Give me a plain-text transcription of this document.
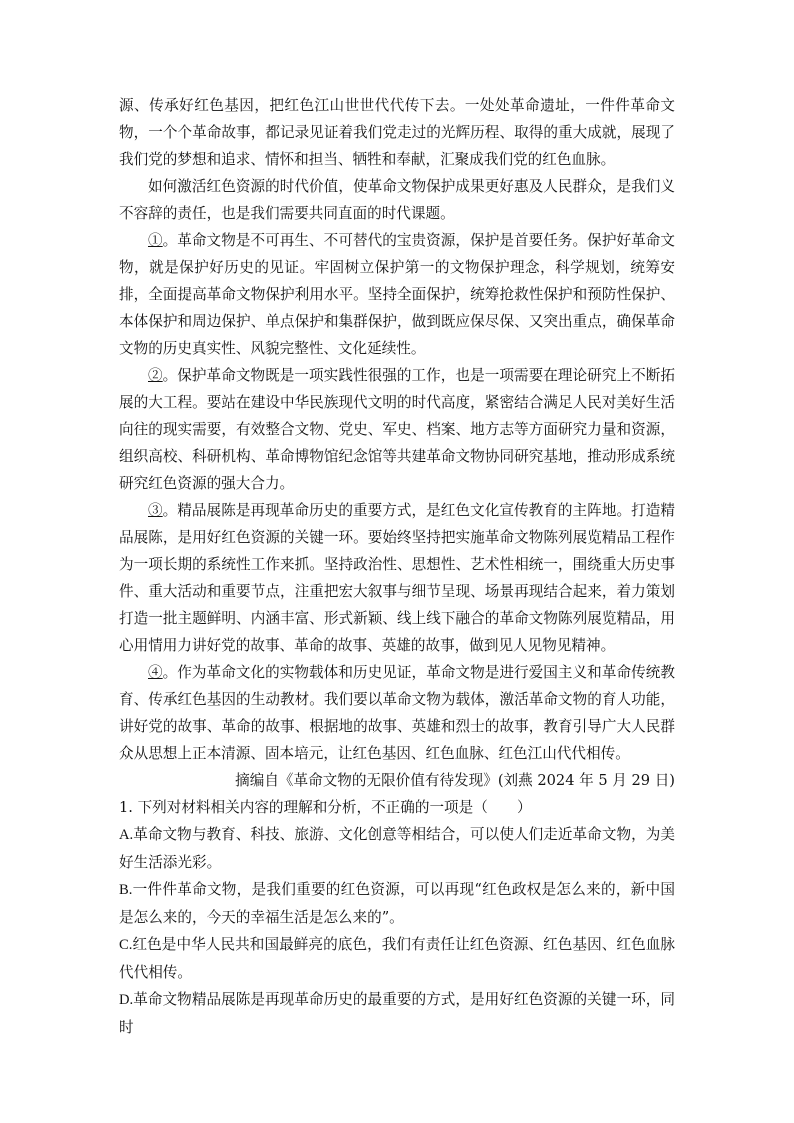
源、传承好红色基因，把红色江山世世代代传下去。一处处革命遗址，一件件革命文物，一个个革命故事，都记录见证着我们党走过的光辉历程、取得的重大成就，展现了我们党的梦想和追求、情怀和担当、牺牲和奉献，汇聚成我们党的红色血脉。

如何激活红色资源的时代价值，使革命文物保护成果更好惠及人民群众，是我们义不容辞的责任，也是我们需要共同直面的时代课题。

①。革命文物是不可再生、不可替代的宝贵资源，保护是首要任务。保护好革命文物，就是保护好历史的见证。牢固树立保护第一的文物保护理念，科学规划，统筹安排，全面提高革命文物保护利用水平。坚持全面保护，统筹抢救性保护和预防性保护、本体保护和周边保护、单点保护和集群保护，做到既应保尽保、又突出重点，确保革命文物的历史真实性、风貌完整性、文化延续性。

②。保护革命文物既是一项实践性很强的工作，也是一项需要在理论研究上不断拓展的大工程。要站在建设中华民族现代文明的时代高度，紧密结合满足人民对美好生活向往的现实需要，有效整合文物、党史、军史、档案、地方志等方面研究力量和资源，组织高校、科研机构、革命博物馆纪念馆等共建革命文物协同研究基地，推动形成系统研究红色资源的强大合力。

③。精品展陈是再现革命历史的重要方式，是红色文化宣传教育的主阵地。打造精品展陈，是用好红色资源的关键一环。要始终坚持把实施革命文物陈列展览精品工程作为一项长期的系统性工作来抓。坚持政治性、思想性、艺术性相统一，围绕重大历史事件、重大活动和重要节点，注重把宏大叙事与细节呈现、场景再现结合起来，着力策划打造一批主题鲜明、内涵丰富、形式新颖、线上线下融合的革命文物陈列展览精品，用心用情用力讲好党的故事、革命的故事、英雄的故事，做到见人见物见精神。

④。作为革命文化的实物载体和历史见证，革命文物是进行爱国主义和革命传统教育、传承红色基因的生动教材。我们要以革命文物为载体，激活革命文物的育人功能，讲好党的故事、革命的故事、根据地的故事、英雄和烈士的故事，教育引导广大人民群众从思想上正本清源、固本培元，让红色基因、红色血脉、红色江山代代相传。

摘编自《革命文物的无限价值有待发现》(刘燕 2024 年 5 月 29 日)

1. 下列对材料相关内容的理解和分析，不正确的一项是（　　）

A.革命文物与教育、科技、旅游、文化创意等相结合，可以使人们走近革命文物，为美好生活添光彩。

B.一件件革命文物，是我们重要的红色资源，可以再现“红色政权是怎么来的，新中国是怎么来的，今天的幸福生活是怎么来的”。

C.红色是中华人民共和国最鲜亮的底色，我们有责任让红色资源、红色基因、红色血脉代代相传。

D.革命文物精品展陈是再现革命历史的最重要的方式，是用好红色资源的关键一环，同时
